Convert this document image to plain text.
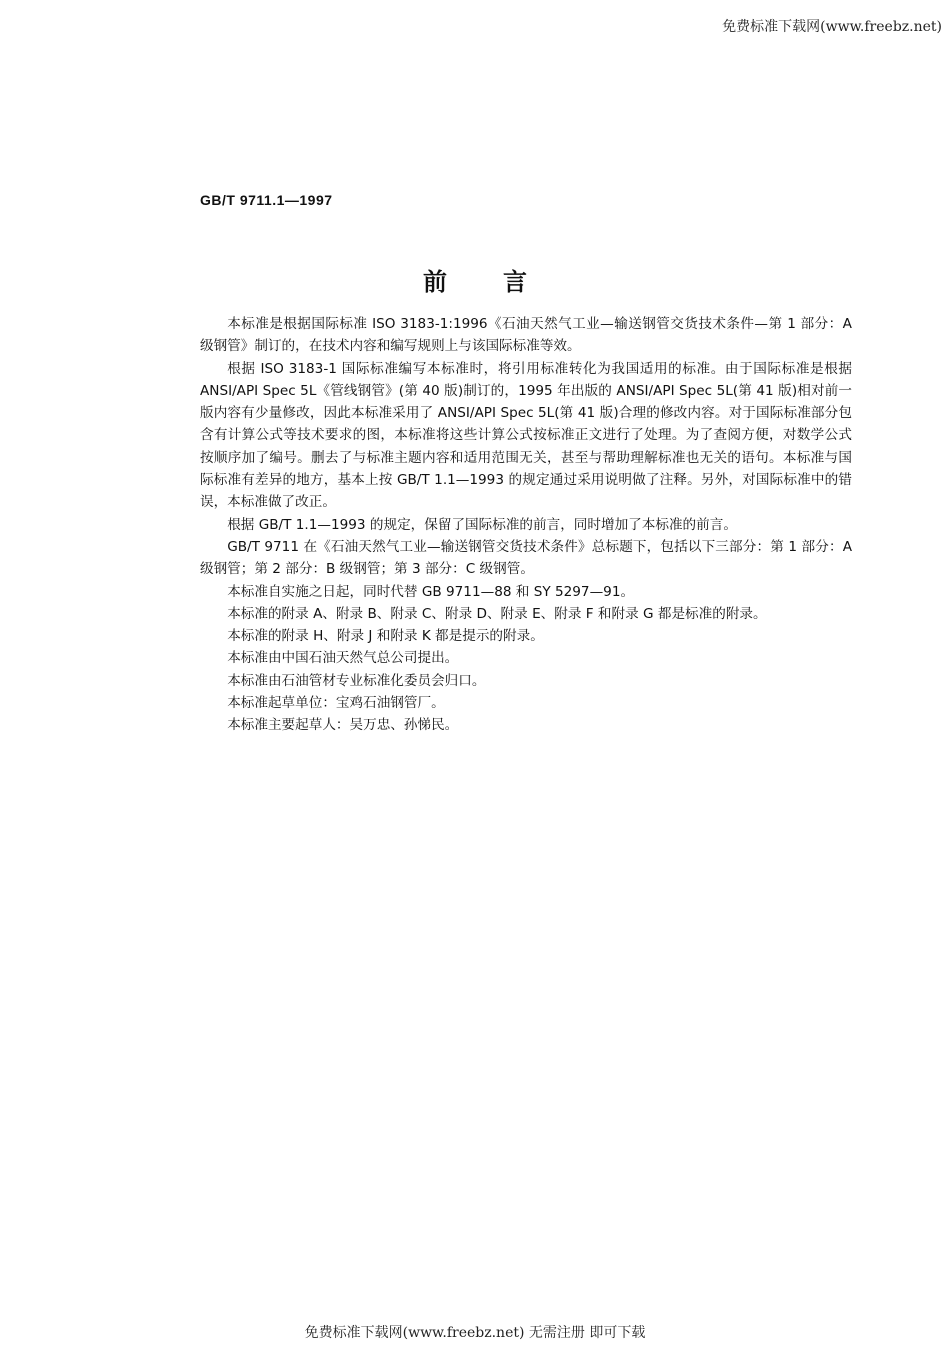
免费标准下载网(www.freebz.net)
GB/T 9711.1—1997
前言

本标准是根据国际标准 ISO 3183-1:1996《石油天然气工业—输送钢管交货技术条件—第 1 部分：A 级钢管》制订的，在技术内容和编写规则上与该国际标准等效。

根据 ISO 3183-1 国际标准编写本标准时，将引用标准转化为我国适用的标准。由于国际标准是根据 ANSI/API Spec 5L《管线钢管》(第 40 版)制订的，1995 年出版的 ANSI/API Spec 5L(第 41 版)相对前一版内容有少量修改，因此本标准采用了 ANSI/API Spec 5L(第 41 版)合理的修改内容。对于国际标准部分包含有计算公式等技术要求的图，本标准将这些计算公式按标准正文进行了处理。为了查阅方便，对数学公式按顺序加了编号。删去了与标准主题内容和适用范围无关，甚至与帮助理解标准也无关的语句。本标准与国际标准有差异的地方，基本上按 GB/T 1.1—1993 的规定通过采用说明做了注释。另外，对国际标准中的错误，本标准做了改正。

根据 GB/T 1.1—1993 的规定，保留了国际标准的前言，同时增加了本标准的前言。

GB/T 9711 在《石油天然气工业—输送钢管交货技术条件》总标题下，包括以下三部分：第 1 部分：A 级钢管；第 2 部分：B 级钢管；第 3 部分：C 级钢管。

本标准自实施之日起，同时代替 GB 9711—88 和 SY 5297—91。

本标准的附录 A、附录 B、附录 C、附录 D、附录 E、附录 F 和附录 G 都是标准的附录。

本标准的附录 H、附录 J 和附录 K 都是提示的附录。

本标准由中国石油天然气总公司提出。

本标准由石油管材专业标准化委员会归口。

本标准起草单位：宝鸡石油钢管厂。

本标准主要起草人：吴万忠、孙悌民。

免费标准下载网(www.freebz.net) 无需注册 即可下载
